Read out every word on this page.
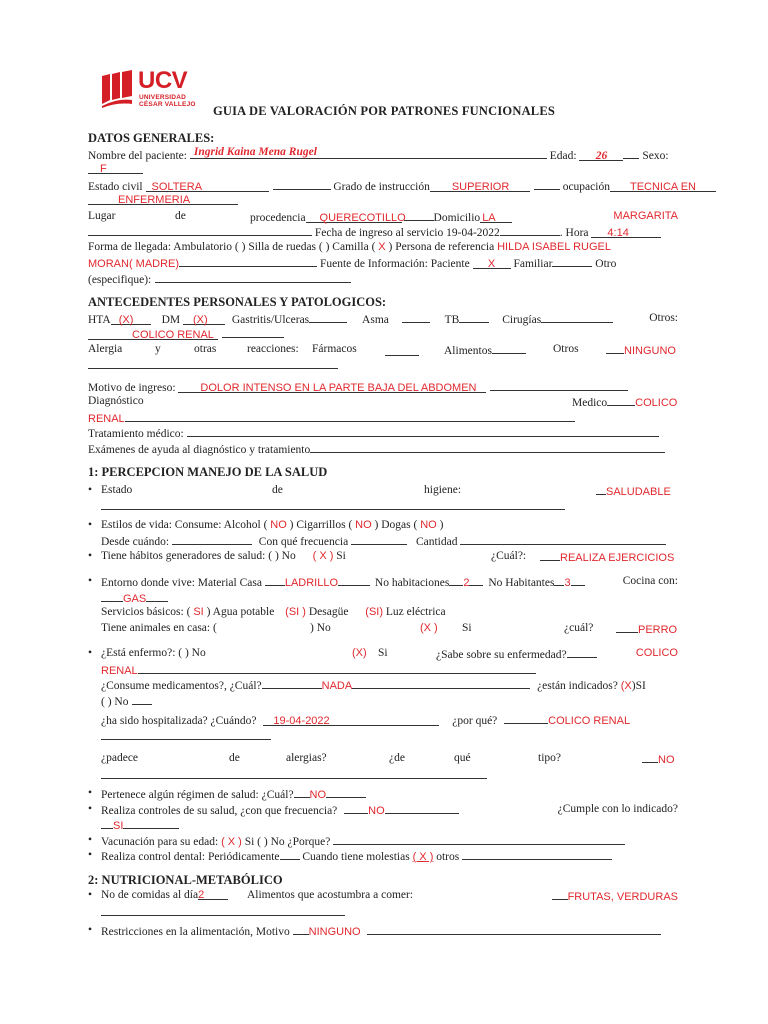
UCV
UNIVERSIDAD
CÉSAR VALLEJO	GUIA DE VALORACIÓN POR PATRONES FUNCIONALES
DATOS GENERALES:
Nombre del paciente: Ingrid Kaina Mena Rugel	Edad: 26	Sexo:
F
Estado civil SOLTERA	Grado de instrucción SUPERIOR	ocupación TECNICA EN
ENFERMERIA
Lugar	de	procedencia QUERECOTILLO Domicilio LA	MARGARITA
Fecha de ingreso al servicio 19-04-2022	. Hora 4:14
Forma de llegada: Ambulatorio ( ) Silla de ruedas ( ) Camilla ( X ) Persona de referencia HILDA ISABEL RUGEL
MORAN( MADRE)	Fuente de Información: Paciente X Familiar	Otro
(especifique):
ANTECEDENTES PERSONALES Y PATOLOGICOS:
HTA (X) DM (X) Gastritis/Ulceras	Asma	TB	Cirugías	Otros:
COLICO RENAL
Alergia	y	otras	reacciones: Fármacos	Alimentos	Otros	NINGUNO
Motivo de ingreso: DOLOR INTENSO EN LA PARTE BAJA DEL ABDOMEN
Diagnóstico	Medico	COLICO
RENAL
Tratamiento médico:
Exámenes de ayuda al diagnóstico y tratamiento
1: PERCEPCION MANEJO DE LA SALUD
• Estado	de	higiene:	SALUDABLE
• Estilos de vida: Consume: Alcohol ( NO ) Cigarrillos ( NO ) Dogas ( NO )
Desde cuándo:	Con qué frecuencia	Cantidad
• Tiene hábitos generadores de salud: ( ) No ( X ) Si	¿Cuál?:	REALIZA EJERCICIOS
• Entorno donde vive: Material Casa LADRILLO	No habitaciones 2 No Habitantes 3	Cocina con:
GAS
Servicios básicos: ( SI ) Agua potable (SI ) Desagüe (SI) Luz eléctrica
Tiene animales en casa: (	) No	(X ) Si	¿cuál?	PERRO
• ¿Está enfermo?: ( ) No	(X) Si	¿Sabe sobre su enfermedad?	COLICO
RENAL
¿Consume medicamentos?, ¿Cuál?	NADA	¿están indicados? (X)SI
( ) No
¿ha sido hospitalizada? ¿Cuándo? 19-04-2022	¿por qué?	COLICO RENAL
¿padece	de	alergias?	¿de	qué	tipo?	NO
• Pertenece algún régimen de salud: ¿Cuál? NO
• Realiza controles de su salud, ¿con que frecuencia?	NO	¿Cumple con lo indicado?
SI
• Vacunación para su edad: ( X ) Si ( ) No ¿Porque?
• Realiza control dental: Periódicamente Cuando tiene molestias ( X ) otros
2: NUTRICIONAL-METABÓLICO
• No de comidas al día2	Alimentos que acostumbra a comer:	FRUTAS, VERDURAS
• Restricciones en la alimentación, Motivo NINGUNO
